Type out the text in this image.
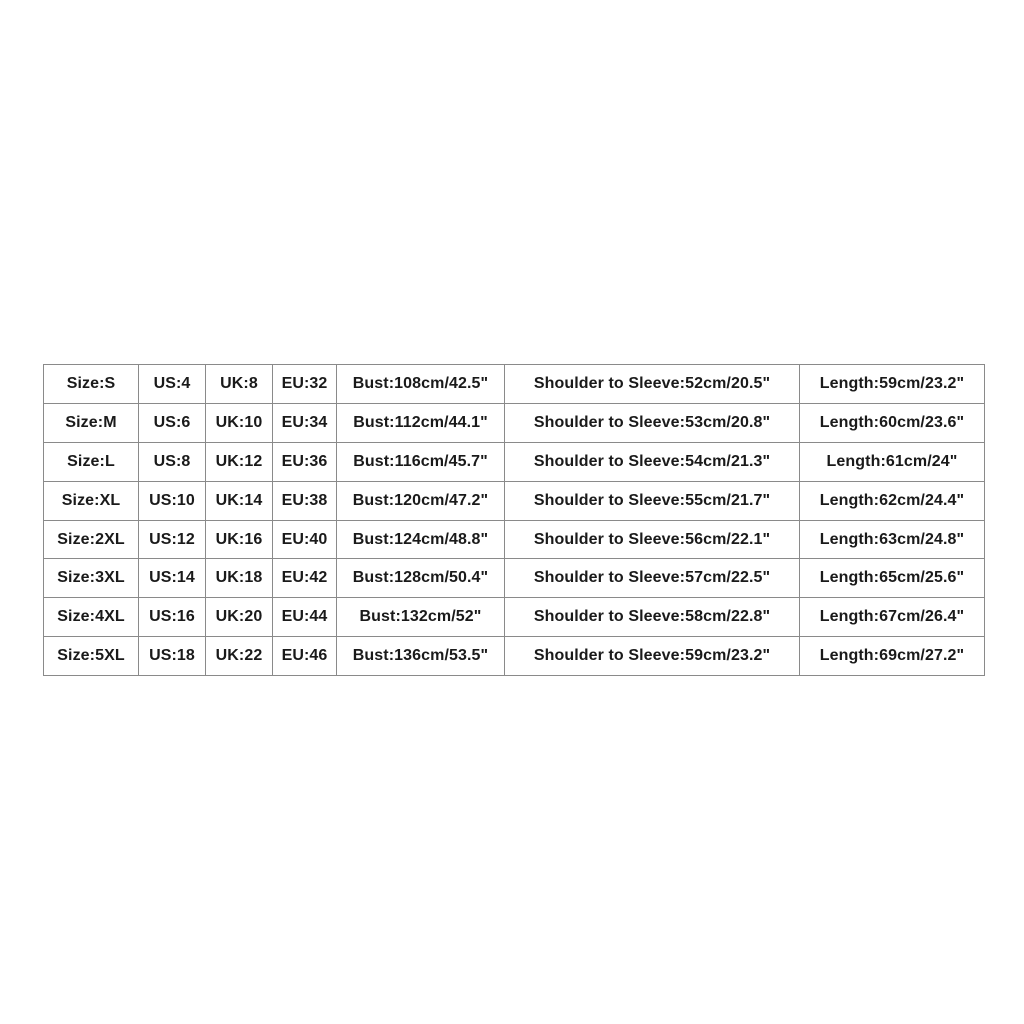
Size:S	US:4	UK:8	EU:32	Bust:108cm/42.5"	Shoulder to Sleeve:52cm/20.5"	Length:59cm/23.2"
Size:M	US:6	UK:10	EU:34	Bust:112cm/44.1"	Shoulder to Sleeve:53cm/20.8"	Length:60cm/23.6"
Size:L	US:8	UK:12	EU:36	Bust:116cm/45.7"	Shoulder to Sleeve:54cm/21.3"	Length:61cm/24"
Size:XL	US:10	UK:14	EU:38	Bust:120cm/47.2"	Shoulder to Sleeve:55cm/21.7"	Length:62cm/24.4"
Size:2XL	US:12	UK:16	EU:40	Bust:124cm/48.8"	Shoulder to Sleeve:56cm/22.1"	Length:63cm/24.8"
Size:3XL	US:14	UK:18	EU:42	Bust:128cm/50.4"	Shoulder to Sleeve:57cm/22.5"	Length:65cm/25.6"
Size:4XL	US:16	UK:20	EU:44	Bust:132cm/52"	Shoulder to Sleeve:58cm/22.8"	Length:67cm/26.4"
Size:5XL	US:18	UK:22	EU:46	Bust:136cm/53.5"	Shoulder to Sleeve:59cm/23.2"	Length:69cm/27.2"
